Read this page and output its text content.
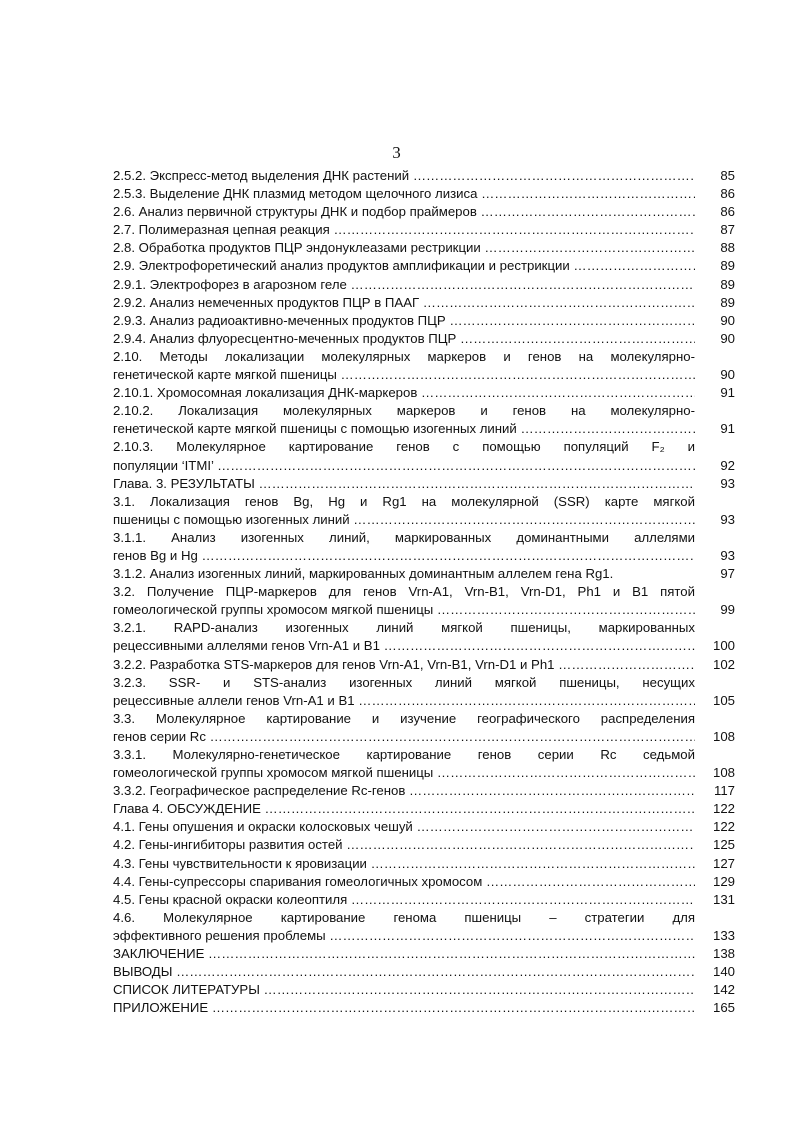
3
2.5.2. Экспресс-метод выделения ДНК растений ……………………………………………………………………………………………………………………………………………………	85
2.5.3. Выделение ДНК плазмид методом щелочного лизиса ……………………………………………………………………………………………………………………………………………………	86
2.6. Анализ первичной структуры ДНК и подбор праймеров ……………………………………………………………………………………………………………………………………………………	86
2.7. Полимеразная цепная реакция ……………………………………………………………………………………………………………………………………………………	87
2.8. Обработка продуктов ПЦР эндонуклеазами рестрикции ……………………………………………………………………………………………………………………………………………………	88
2.9. Электрофоретический анализ продуктов амплификации и рестрикции ……………………………………………………………………………………………………………………………………………………	89
2.9.1. Электрофорез в агарозном геле ……………………………………………………………………………………………………………………………………………………	89
2.9.2. Анализ немеченных продуктов ПЦР в ПААГ ……………………………………………………………………………………………………………………………………………………	89
2.9.3. Анализ радиоактивно-меченных продуктов ПЦР ……………………………………………………………………………………………………………………………………………………	90
2.9.4. Анализ флуоресцентно-меченных продуктов ПЦР ……………………………………………………………………………………………………………………………………………………	90
2.10. Методы локализации молекулярных маркеров и генов на молекулярно-
генетической карте мягкой пшеницы ……………………………………………………………………………………………………………………………………………………	90
2.10.1. Хромосомная локализация ДНК-маркеров ……………………………………………………………………………………………………………………………………………………	91
2.10.2. Локализация молекулярных маркеров и генов на молекулярно-
генетической карте мягкой пшеницы с помощью изогенных линий ……………………………………………………………………………………………………………………………………………………	91
2.10.3. Молекулярное картирование генов с помощью популяций F₂ и
популяции ‘ITMI’ ……………………………………………………………………………………………………………………………………………………	92
Глава. 3. РЕЗУЛЬТАТЫ ……………………………………………………………………………………………………………………………………………………	93
3.1. Локализация генов Bg, Hg и Rg1 на молекулярной (SSR) карте мягкой
пшеницы с помощью изогенных линий ……………………………………………………………………………………………………………………………………………………	93
3.1.1. Анализ изогенных линий, маркированных доминантными аллелями
генов Bg и Hg ……………………………………………………………………………………………………………………………………………………	93
3.1.2. Анализ изогенных линий, маркированных доминантным аллелем гена Rg1.	97
3.2. Получение ПЦР-маркеров для генов Vrn-A1, Vrn-B1, Vrn-D1, Ph1 и B1 пятой
гомеологической группы хромосом мягкой пшеницы ……………………………………………………………………………………………………………………………………………………	99
3.2.1. RAPD-анализ изогенных линий мягкой пшеницы, маркированных
рецессивными аллелями генов Vrn-A1 и B1 ……………………………………………………………………………………………………………………………………………………	100
3.2.2. Разработка STS-маркеров для генов Vrn-A1, Vrn-B1, Vrn-D1 и Ph1 ……………………………………………………………………………………………………………………………………………………	102
3.2.3. SSR- и STS-анализ изогенных линий мягкой пшеницы, несущих
рецессивные аллели генов Vrn-A1 и B1 ……………………………………………………………………………………………………………………………………………………	105
3.3. Молекулярное картирование и изучение географического распределения
генов серии Rc ……………………………………………………………………………………………………………………………………………………	108
3.3.1. Молекулярно-генетическое картирование генов серии Rc седьмой
гомеологической группы хромосом мягкой пшеницы ……………………………………………………………………………………………………………………………………………………	108
3.3.2. Географическое распределение Rc-генов ……………………………………………………………………………………………………………………………………………………	117
Глава 4. ОБСУЖДЕНИЕ ……………………………………………………………………………………………………………………………………………………	122
4.1. Гены опушения и окраски колосковых чешуй ……………………………………………………………………………………………………………………………………………………	122
4.2. Гены-ингибиторы развития остей ……………………………………………………………………………………………………………………………………………………	125
4.3. Гены чувствительности к яровизации ……………………………………………………………………………………………………………………………………………………	127
4.4. Гены-супрессоры спаривания гомеологичных хромосом ……………………………………………………………………………………………………………………………………………………	129
4.5. Гены красной окраски колеоптиля ……………………………………………………………………………………………………………………………………………………	131
4.6. Молекулярное картирование генома пшеницы – стратегии для
эффективного решения проблемы ……………………………………………………………………………………………………………………………………………………	133
ЗАКЛЮЧЕНИЕ ……………………………………………………………………………………………………………………………………………………	138
ВЫВОДЫ ……………………………………………………………………………………………………………………………………………………	140
СПИСОК ЛИТЕРАТУРЫ ……………………………………………………………………………………………………………………………………………………	142
ПРИЛОЖЕНИЕ ……………………………………………………………………………………………………………………………………………………	165
